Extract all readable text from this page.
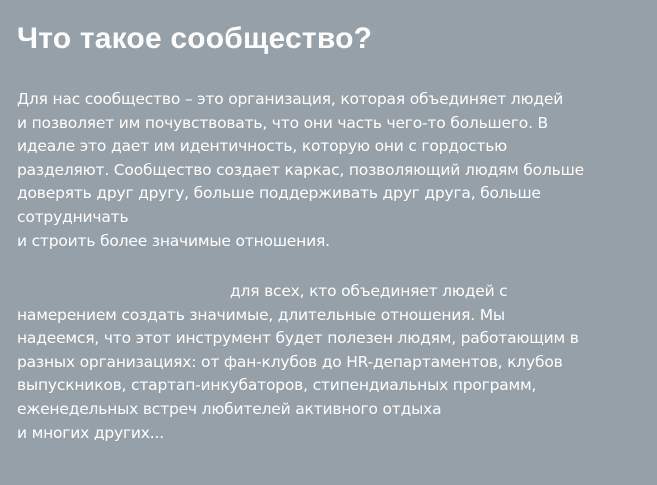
Что такое сообщество?

Для нас сообщество – это организация, которая объединяет людей
и позволяет им почувствовать, что они часть чего-то большего. В
идеале это дает им идентичность, которую они с гордостью
разделяют. Сообщество создает каркас, позволяющий людям больше
доверять друг другу, больше поддерживать друг друга, больше
сотрудничать
и строить более значимые отношения.

для всех, кто объединяет людей с
намерением создать значимые, длительные отношения. Мы
надеемся, что этот инструмент будет полезен людям, работающим в
разных организациях: от фан-клубов до HR-департаментов, клубов
выпускников, стартап-инкубаторов, стипендиальных программ,
еженедельных встреч любителей активного отдыха
и многих других...
